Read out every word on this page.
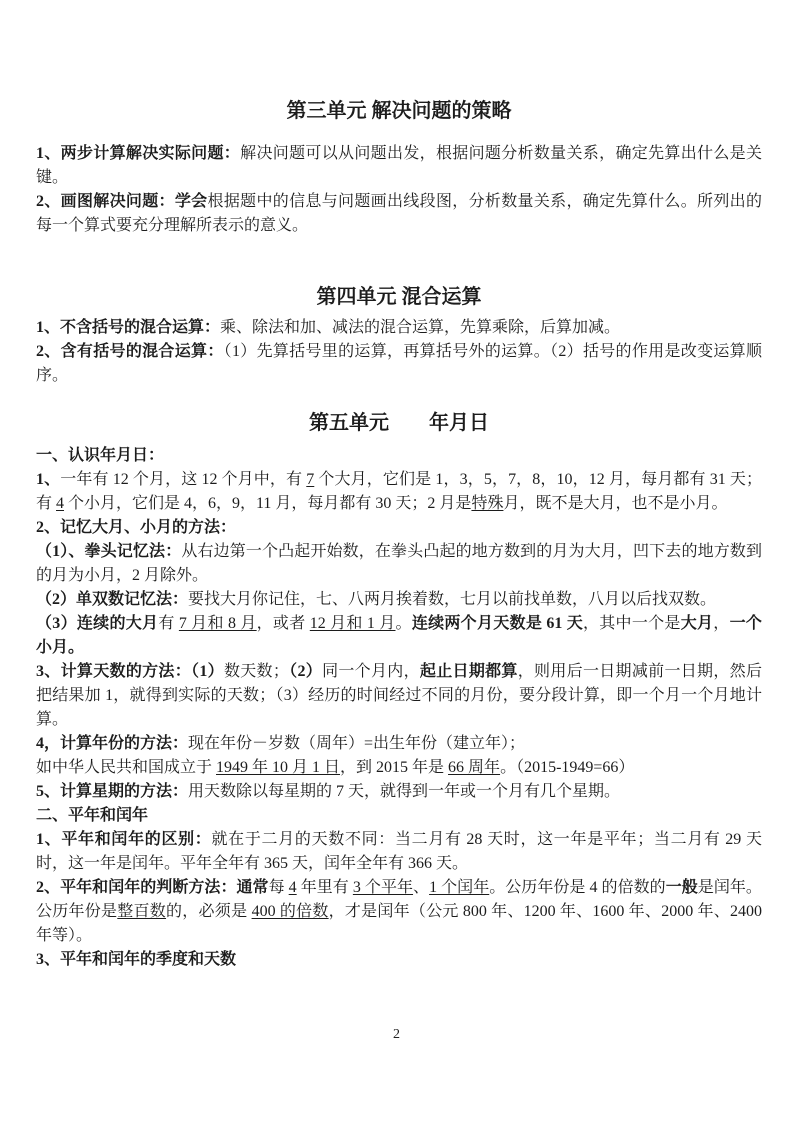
第三单元 解决问题的策略

1、两步计算解决实际问题：解决问题可以从问题出发，根据问题分析数量关系，确定先算出什么是关键。

2、画图解决问题：学会根据题中的信息与问题画出线段图，分析数量关系，确定先算什么。所列出的每一个算式要充分理解所表示的意义。

第四单元 混合运算

1、不含括号的混合运算：乘、除法和加、减法的混合运算，先算乘除，后算加减。

2、含有括号的混合运算：（1）先算括号里的运算，再算括号外的运算。（2）括号的作用是改变运算顺序。

第五单元　　年月日

一、认识年月日：

1、一年有 12 个月，这 12 个月中，有 7 个大月，它们是 1，3，5，7，8，10，12 月，每月都有 31 天；有 4 个小月，它们是 4，6，9，11 月，每月都有 30 天；2 月是特殊月，既不是大月，也不是小月。

2、记忆大月、小月的方法：

（1）、拳头记忆法：从右边第一个凸起开始数，在拳头凸起的地方数到的月为大月，凹下去的地方数到的月为小月，2 月除外。

（2）单双数记忆法：要找大月你记住，七、八两月挨着数，七月以前找单数，八月以后找双数。

（3）连续的大月有 7 月和 8 月，或者 12 月和 1 月。连续两个月天数是 61 天，其中一个是大月，一个小月。

3、计算天数的方法：（1）数天数；（2）同一个月内，起止日期都算，则用后一日期减前一日期，然后把结果加 1，就得到实际的天数；（3）经历的时间经过不同的月份，要分段计算，即一个月一个月地计算。

4，计算年份的方法：现在年份－岁数（周年）=出生年份（建立年）；

如中华人民共和国成立于 1949 年 10 月 1 日，到 2015 年是 66 周年。（2015-1949=66）

5、计算星期的方法：用天数除以每星期的 7 天，就得到一年或一个月有几个星期。

二、平年和闰年

1、平年和闰年的区别：就在于二月的天数不同：当二月有 28 天时，这一年是平年；当二月有 29 天时，这一年是闰年。平年全年有 365 天，闰年全年有 366 天。

2、平年和闰年的判断方法：通常每 4 年里有 3 个平年、1 个闰年。公历年份是 4 的倍数的一般是闰年。公历年份是整百数的，必须是 400 的倍数，才是闰年（公元 800 年、1200 年、1600 年、2000 年、2400 年等）。

3、平年和闰年的季度和天数

2
